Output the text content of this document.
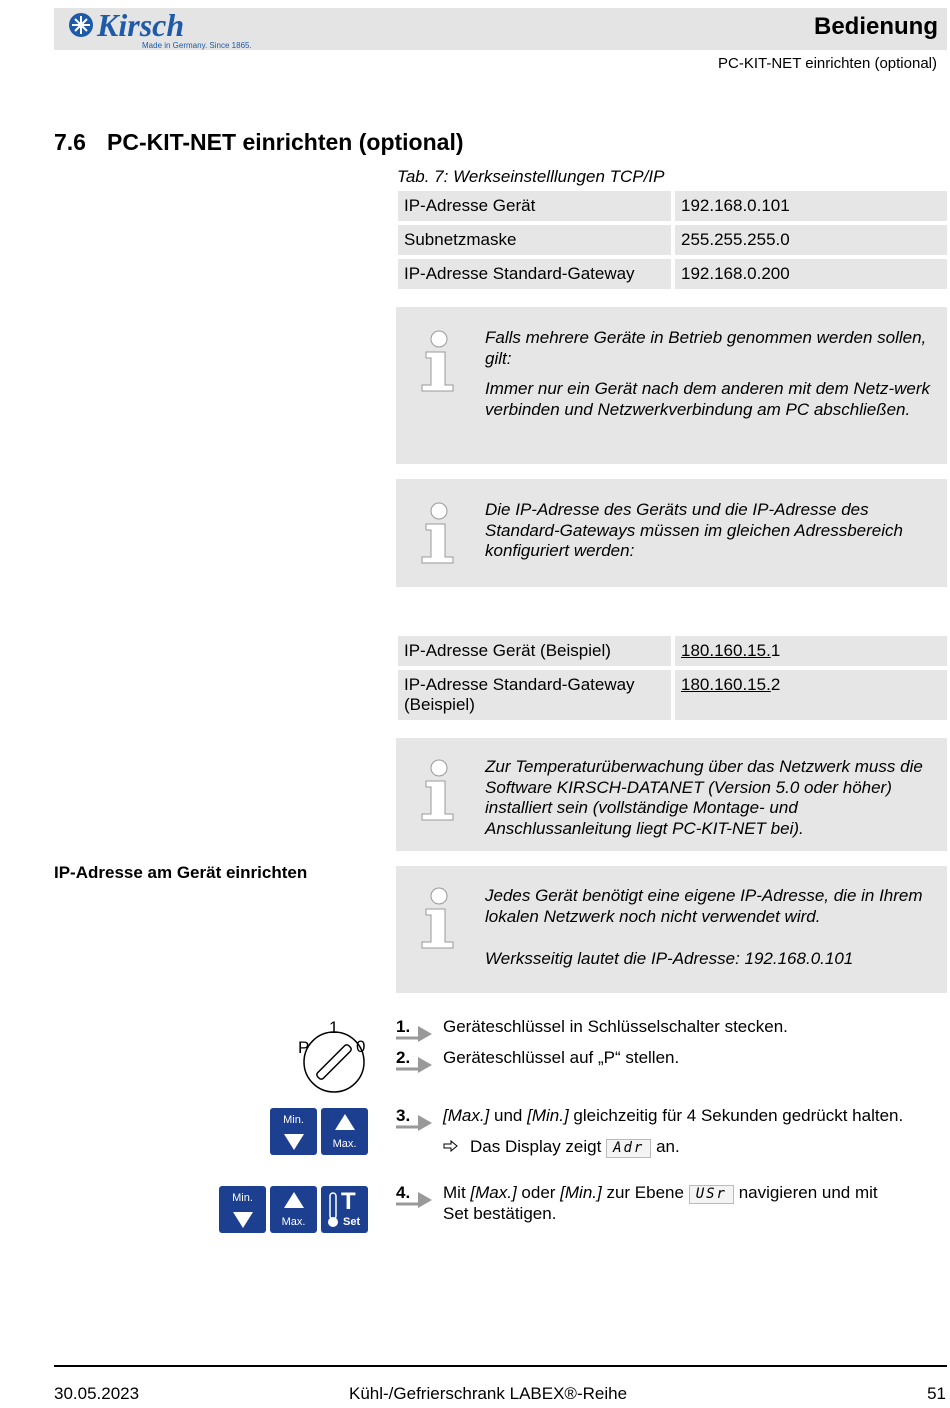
Kirsch
Made in Germany. Since 1865.
Bedienung
PC-KIT-NET einrichten (optional)
7.6 PC-KIT-NET einrichten (optional)
Tab. 7: Werkseinstelllungen TCP/IP
IP-Adresse Gerät	192.168.0.101
Subnetzmaske	255.255.255.0
IP-Adresse Standard-Gateway	192.168.0.200

Falls mehrere Geräte in Betrieb genommen werden sollen, gilt:

Immer nur ein Gerät nach dem anderen mit dem Netz-werk verbinden und Netzwerkverbindung am PC abschließen.

Die IP-Adresse des Geräts und die IP-Adresse des Standard-Gateways müssen im gleichen Adressbereich konfiguriert werden:

IP-Adresse Gerät (Beispiel)	180.160.15.1
IP-Adresse Standard-Gateway (Beispiel)	180.160.15.2

Zur Temperaturüberwachung über das Netzwerk muss die Software KIRSCH-DATANET (Version 5.0 oder höher) installiert sein (vollständige Montage- und Anschlussanleitung liegt PC-KIT-NET bei).

IP-Adresse am Gerät einrichten

Jedes Gerät benötigt eine eigene IP-Adresse, die in Ihrem lokalen Netzwerk noch nicht verwendet wird.

Werksseitig lautet die IP-Adresse: 192.168.0.101

P
1
0
Min.
Max.
Min.
Max.
T
Set
1. Geräteschlüssel in Schlüsselschalter stecken.
2. Geräteschlüssel auf „P“ stellen.
3. [Max.] und [Min.] gleichzeitig für 4 Sekunden gedrückt halten.
Das Display zeigt Adr an.
4. Mit [Max.] oder [Min.] zur Ebene USr navigieren und mit
Set bestätigen.
30.05.2023	Kühl-/Gefrierschrank LABEX®-Reihe	51
